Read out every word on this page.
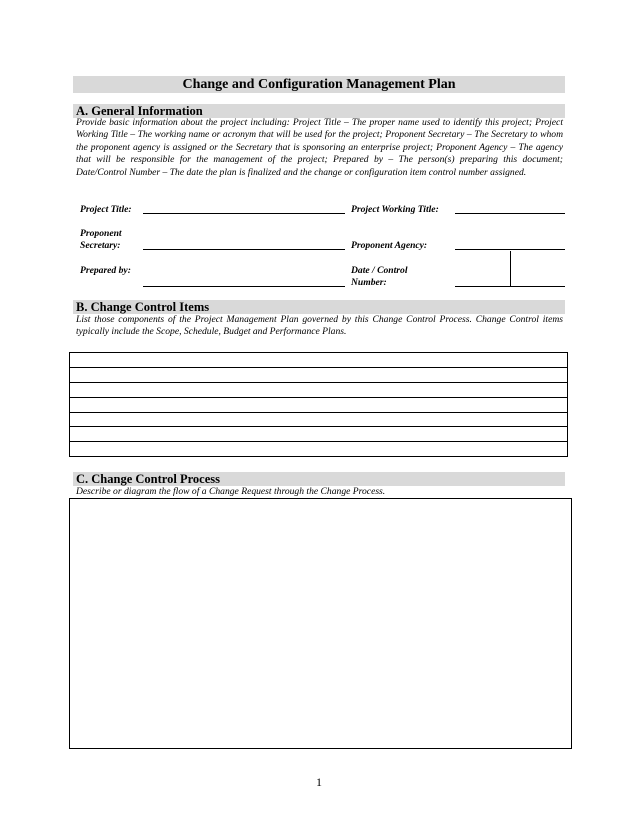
Change and Configuration Management Plan
A. General Information
Provide basic information about the project including: Project Title – The proper name used to identify this project; Project Working Title – The working name or acronym that will be used for the project; Proponent Secretary – The Secretary to whom the proponent agency is assigned or the Secretary that is sponsoring an enterprise project; Proponent Agency – The agency that will be responsible for the management of the project; Prepared by – The person(s) preparing this document; Date/Control Number – The date the plan is finalized and the change or configuration item control number assigned.
Project Title:	Project Working Title:
Proponent
Secretary:	Proponent Agency:
Prepared by:	Date / Control
Number:
B. Change Control Items
List those components of the Project Management Plan governed by this Change Control Process. Change Control items typically include the Scope, Schedule, Budget and Performance Plans.
C. Change Control Process
Describe or diagram the flow of a Change Request through the Change Process.
1
